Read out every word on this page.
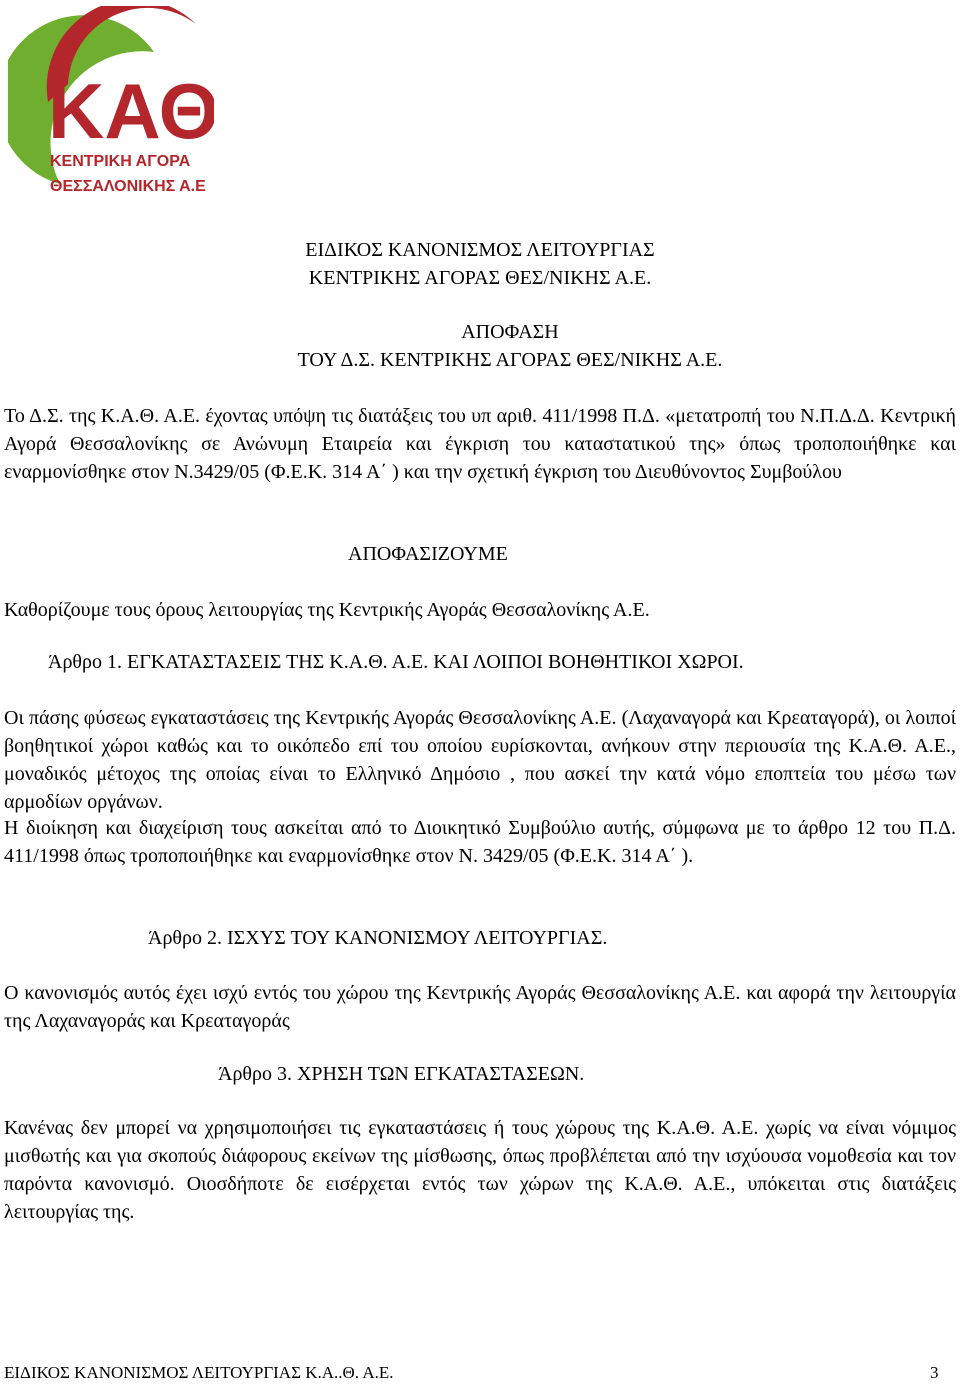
ΚΑΘ
ΚΕΝΤΡΙΚΗ ΑΓΟΡΑ
ΘΕΣΣΑΛΟΝΙΚΗΣ Α.Ε
ΕΙΔΙΚΟΣ ΚΑΝΟΝΙΣΜΟΣ ΛΕΙΤΟΥΡΓΙΑΣ
ΚΕΝΤΡΙΚΗΣ ΑΓΟΡΑΣ ΘΕΣ/ΝΙΚΗΣ Α.Ε.
ΑΠΟΦΑΣΗ
ΤΟΥ Δ.Σ. ΚΕΝΤΡΙΚΗΣ ΑΓΟΡΑΣ ΘΕΣ/ΝΙΚΗΣ Α.Ε.

Το Δ.Σ. της Κ.Α.Θ. Α.Ε. έχοντας υπόψη τις διατάξεις του υπ αριθ. 411/1998 Π.Δ. «μετατροπή του Ν.Π.Δ.Δ. Κεντρική Αγορά Θεσσαλονίκης σε Ανώνυμη Εταιρεία και έγκριση του καταστατικού της» όπως τροποποιήθηκε και εναρμονίσθηκε στον Ν.3429/05 (Φ.Ε.Κ. 314 Α΄ ) και την σχετική έγκριση του Διευθύνοντος Συμβούλου

ΑΠΟΦΑΣΙΖΟΥΜΕ
Καθορίζουμε τους όρους λειτουργίας της Κεντρικής Αγοράς Θεσσαλονίκης Α.Ε.
Άρθρο 1. ΕΓΚΑΤΑΣΤΑΣΕΙΣ ΤΗΣ Κ.Α.Θ. Α.Ε. ΚΑΙ ΛΟΙΠΟΙ ΒΟΗΘΗΤΙΚΟΙ ΧΩΡΟΙ.

Οι πάσης φύσεως εγκαταστάσεις της Κεντρικής Αγοράς Θεσσαλονίκης Α.Ε. (Λαχαναγορά και Κρεαταγορά), οι λοιποί βοηθητικοί χώροι καθώς και το οικόπεδο επί του οποίου ευρίσκονται, ανήκουν στην περιουσία της Κ.Α.Θ. Α.Ε., μοναδικός μέτοχος της οποίας είναι το Ελληνικό Δημόσιο , που ασκεί την κατά νόμο εποπτεία του μέσω των αρμοδίων οργάνων.

Η διοίκηση και διαχείριση τους ασκείται από το Διοικητικό Συμβούλιο αυτής, σύμφωνα με το άρθρο 12 του Π.Δ. 411/1998 όπως τροποποιήθηκε και εναρμονίσθηκε στον Ν. 3429/05 (Φ.Ε.Κ. 314 Α΄ ).

Άρθρο 2. ΙΣΧΥΣ ΤΟΥ ΚΑΝΟΝΙΣΜΟΥ ΛΕΙΤΟΥΡΓΙΑΣ.

Ο κανονισμός αυτός έχει ισχύ εντός του χώρου της Κεντρικής Αγοράς Θεσσαλονίκης Α.Ε. και αφορά την λειτουργία της Λαχαναγοράς και Κρεαταγοράς

Άρθρο 3. ΧΡΗΣΗ ΤΩΝ ΕΓΚΑΤΑΣΤΑΣΕΩΝ.

Κανένας δεν μπορεί να χρησιμοποιήσει τις εγκαταστάσεις ή τους χώρους της Κ.Α.Θ. Α.Ε. χωρίς να είναι νόμιμος μισθωτής και για σκοπούς διάφορους εκείνων της μίσθωσης, όπως προβλέπεται από την ισχύουσα νομοθεσία και τον παρόντα κανονισμό. Οιοσδήποτε δε εισέρχεται εντός των χώρων της Κ.Α.Θ. Α.Ε., υπόκειται στις διατάξεις λειτουργίας της.

ΕΙΔΙΚΟΣ ΚΑΝΟΝΙΣΜΟΣ ΛΕΙΤΟΥΡΓΙΑΣ Κ.Α..Θ. Α.Ε.	3
